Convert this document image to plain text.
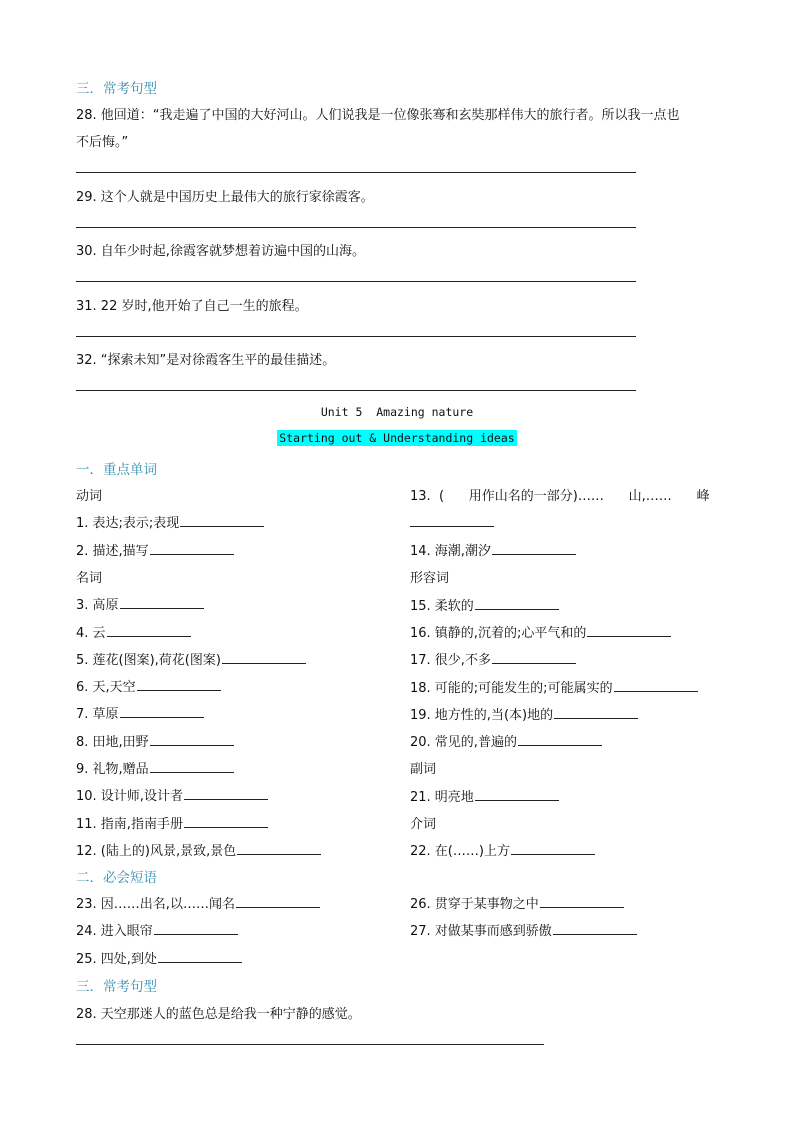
三．常考句型
28. 他回道：“我走遍了中国的大好河山。人们说我是一位像张骞和玄奘那样伟大的旅行者。所以我一点也
不后悔。”
29. 这个人就是中国历史上最伟大的旅行家徐霞客。
30. 自年少时起,徐霞客就梦想着访遍中国的山海。
31. 22 岁时,他开始了自己一生的旅程。
32. “探索未知”是对徐霞客生平的最佳描述。
Unit 5  Amazing nature
Starting out & Understanding ideas
一．重点单词
动词
1. 表达;表示;表现
2. 描述,描写
名词
3. 高原
4. 云
5. 莲花(图案),荷花(图案)
6. 天,天空
7. 草原
8. 田地,田野
9. 礼物,赠品
10. 设计师,设计者
11. 指南,指南手册
12. (陆上的)风景,景致,景色
13.  (      用作山名的一部分)……      山,……      峰
14. 海潮,潮汐
形容词
15. 柔软的
16. 镇静的,沉着的;心平气和的
17. 很少,不多
18. 可能的;可能发生的;可能属实的
19. 地方性的,当(本)地的
20. 常见的,普遍的
副词
21. 明亮地
介词
22. 在(……)上方
二．必会短语
23. 因……出名,以……闻名
24. 进入眼帘
25. 四处,到处
26. 贯穿于某事物之中
27. 对做某事而感到骄傲
三．常考句型
28. 天空那迷人的蓝色总是给我一种宁静的感觉。
